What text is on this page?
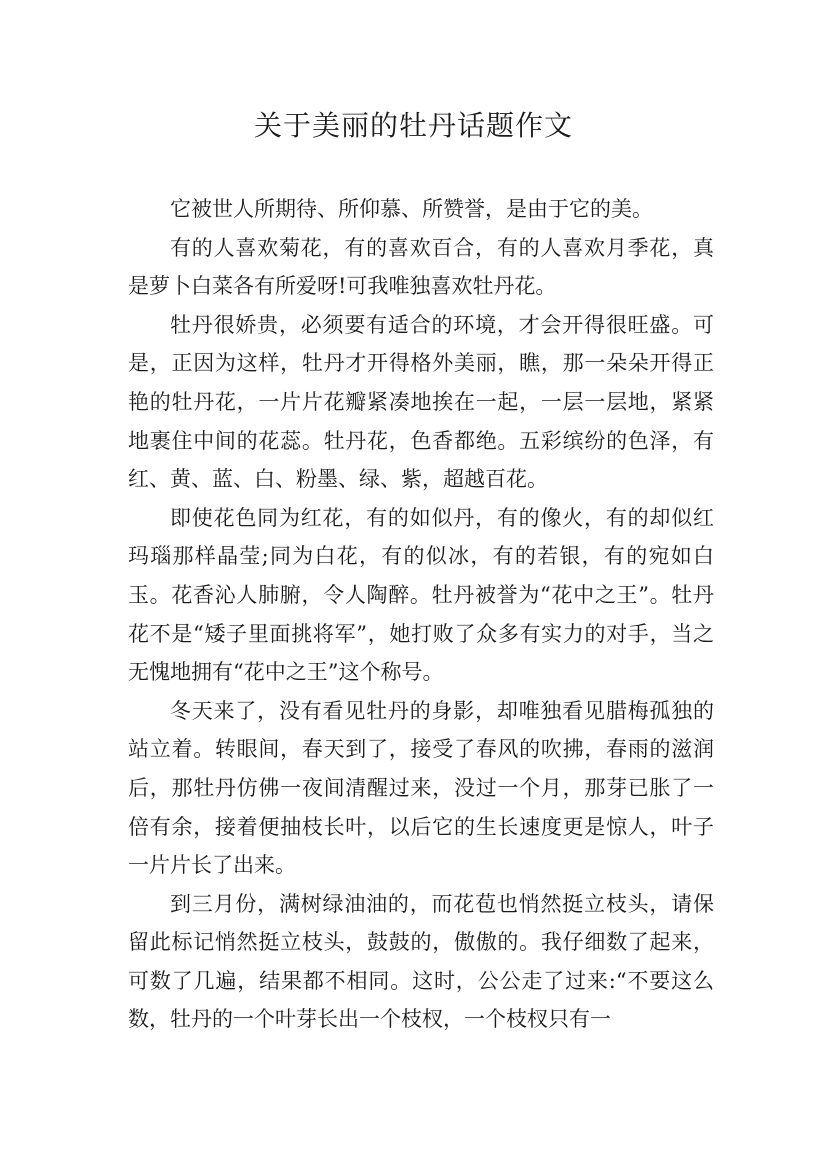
关于美丽的牡丹话题作文

它被世人所期待、所仰慕、所赞誉，是由于它的美。

有的人喜欢菊花，有的喜欢百合，有的人喜欢月季花，真是萝卜白菜各有所爱呀!可我唯独喜欢牡丹花。

牡丹很娇贵，必须要有适合的环境，才会开得很旺盛。可是，正因为这样，牡丹才开得格外美丽，瞧，那一朵朵开得正艳的牡丹花，一片片花瓣紧凑地挨在一起，一层一层地，紧紧地裹住中间的花蕊。牡丹花，色香都绝。五彩缤纷的色泽，有红、黄、蓝、白、粉墨、绿、紫，超越百花。

即使花色同为红花，有的如似丹，有的像火，有的却似红玛瑙那样晶莹;同为白花，有的似冰，有的若银，有的宛如白玉。花香沁人肺腑，令人陶醉。牡丹被誉为“花中之王”。牡丹花不是“矮子里面挑将军”，她打败了众多有实力的对手，当之无愧地拥有“花中之王”这个称号。

冬天来了，没有看见牡丹的身影，却唯独看见腊梅孤独的站立着。转眼间，春天到了，接受了春风的吹拂，春雨的滋润后，那牡丹仿佛一夜间清醒过来，没过一个月，那芽已胀了一倍有余，接着便抽枝长叶，以后它的生长速度更是惊人，叶子一片片长了出来。

到三月份，满树绿油油的，而花苞也悄然挺立枝头，请保留此标记悄然挺立枝头，鼓鼓的，傲傲的。我仔细数了起来，可数了几遍，结果都不相同。这时，公公走了过来:“不要这么数，牡丹的一个叶芽长出一个枝杈，一个枝杈只有一
